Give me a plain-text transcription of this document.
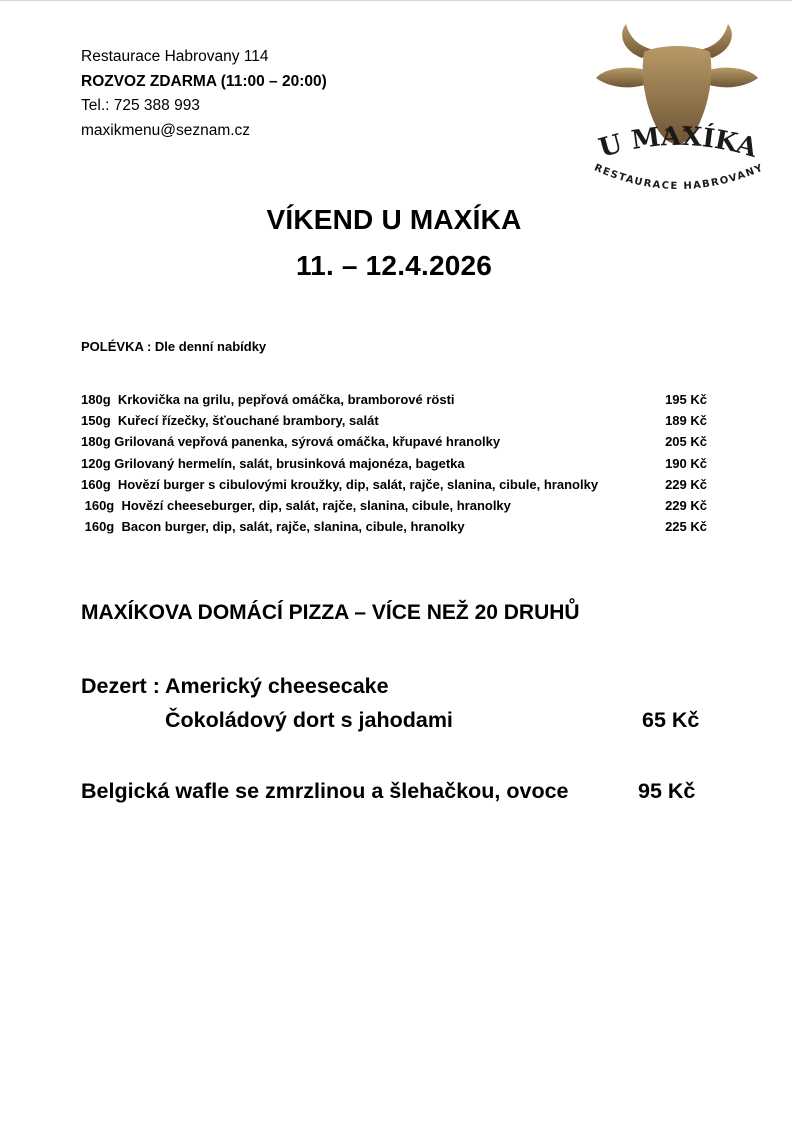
Restaurace Habrovany 114
ROZVOZ ZDARMA (11:00 – 20:00)
Tel.: 725 388 993
maxikmenu@seznam.cz	U MAXÍKA
RESTAURACE HABROVANY
VÍKEND U MAXÍKA
11. – 12.4.2026
POLÉVKA : Dle denní nabídky
180g  Krkovička na grilu, pepřová omáčka, bramborové rösti	195 Kč
150g  Kuřecí řízečky, šťouchané brambory, salát	189 Kč
180g Grilovaná vepřová panenka, sýrová omáčka, křupavé hranolky	205 Kč
120g Grilovaný hermelín, salát, brusinková majonéza, bagetka	190 Kč
160g  Hovězí burger s cibulovými kroužky, dip, salát, rajče, slanina, cibule, hranolky	229 Kč
160g  Hovězí cheeseburger, dip, salát, rajče, slanina, cibule, hranolky	229 Kč
160g  Bacon burger, dip, salát, rajče, slanina, cibule, hranolky	225 Kč
MAXÍKOVA DOMÁCÍ PIZZA – VÍCE NEŽ 20 DRUHŮ
Dezert : Americký cheesecake
Čokoládový dort s jahodami	65 Kč
Belgická wafle se zmrzlinou a šlehačkou, ovoce	95 Kč
